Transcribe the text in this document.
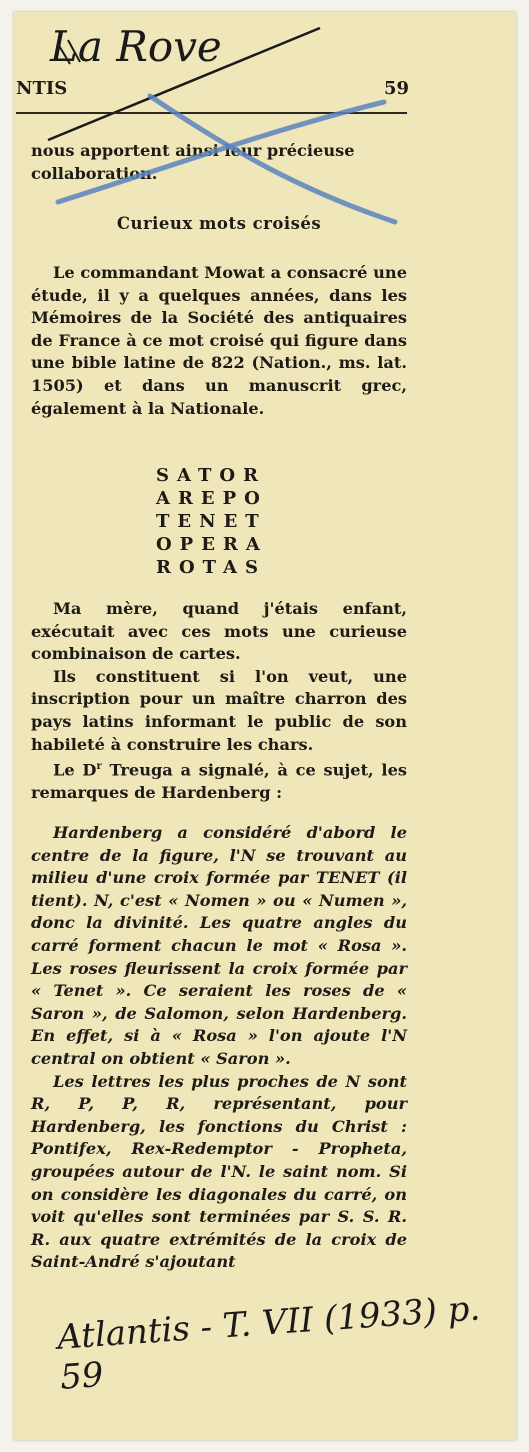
La Rove
NTIS	59

nous apportent ainsi leur précieuse

collaboration.

Curieux mots croisés

Le commandant Mowat a consacré une étude, il y a quelques années, dans les Mémoires de la Société des antiquaires de France à ce mot croisé qui figure dans une bible latine de 822 (Nation., ms. lat. 1505) et dans un manuscrit grec, également à la Nationale.

SATOR
AREPO
TENET
OPERA
ROTAS

Ma mère, quand j'étais enfant, exécutait avec ces mots une curieuse combinaison de cartes.

Ils constituent si l'on veut, une inscription pour un maître charron des pays latins informant le public de son habileté à construire les chars.

Le $D^r$ Treuga a signalé, à ce sujet, les remarques de Hardenberg :

Hardenberg a considéré d'abord le centre de la figure, l'N se trouvant au milieu d'une croix formée par TENET (il tient). N, c'est « Nomen » ou « Numen », donc la divinité. Les quatre angles du carré forment chacun le mot « Rosa ». Les roses fleurissent la croix formée par « Tenet ». Ce seraient les roses de « Saron », de Salomon, selon Hardenberg. En effet, si à « Rosa » l'on ajoute l'N central on obtient « Saron ».

Les lettres les plus proches de N sont R, P, P, R, représentant, pour Hardenberg, les fonctions du Christ : Pontifex, Rex-Redemptor - Propheta, groupées autour de l'N. le saint nom. Si on considère les diagonales du carré, on voit qu'elles sont terminées par S. S. R. R. aux quatre extrémités de la croix de Saint-André s'ajoutant

Atlantis - T. VII (1933) p. 59
